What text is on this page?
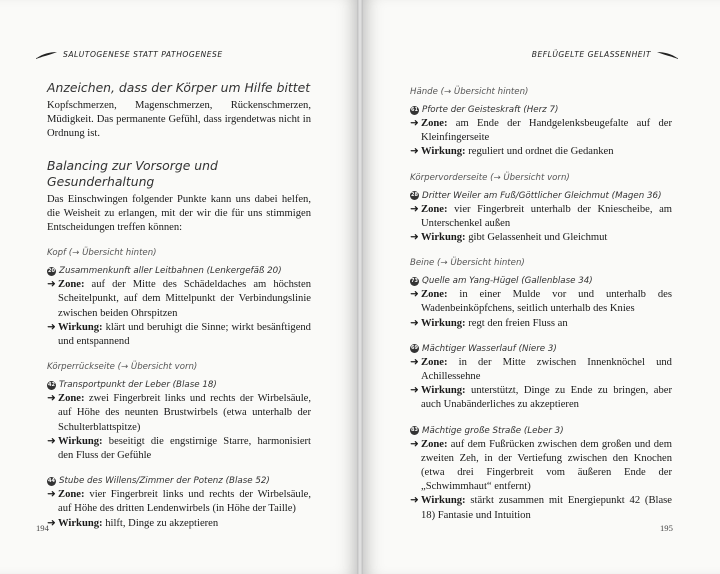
SALUTOGENESE STATT PATHOGENESE
Anzeichen, dass der Körper um Hilfe bittet

Kopfschmerzen, Magenschmerzen, Rückenschmerzen, Müdigkeit. Das permanente Gefühl, dass irgendetwas nicht in Ordnung ist.

Balancing zur Vorsorge und Gesunderhaltung

Das Einschwingen folgender Punkte kann uns dabei helfen, die Weisheit zu erlangen, mit der wir die für uns stimmigen Entscheidungen treffen können:

Kopf (→ Übersicht hinten)
20 Zusammenkunft aller Leitbahnen (Lenkergefäß 20)
➜ Zone: auf der Mitte des Schädeldaches am höchsten Scheitelpunkt, auf dem Mittelpunkt der Verbindungslinie zwischen beiden Ohrspitzen
➜ Wirkung: klärt und beruhigt die Sinne; wirkt besänftigend und entspannend
Körperrückseite (→ Übersicht vorn)
42 Transportpunkt der Leber (Blase 18)
➜ Zone: zwei Fingerbreit links und rechts der Wirbelsäule, auf Höhe des neunten Brustwirbels (etwa unterhalb der Schulterblattspitze)
➜ Wirkung: beseitigt die engstirnige Starre, harmonisiert den Fluss der Gefühle
44 Stube des Willens/Zimmer der Potenz (Blase 52)
➜ Zone: vier Fingerbreit links und rechts der Wirbelsäule, auf Höhe des dritten Lendenwirbels (in Höhe der Taille)
➜ Wirkung: hilft, Dinge zu akzeptieren
194
BEFLÜGELTE GELASSENHEIT
Hände (→ Übersicht hinten)
61 Pforte der Geisteskraft (Herz 7)
➜ Zone: am Ende der Handgelenksbeugefalte auf der Kleinfingerseite
➜ Wirkung: reguliert und ordnet die Gedanken
Körpervorderseite (→ Übersicht vorn)
28 Dritter Weiler am Fuß/Göttlicher Gleichmut (Magen 36)
➜ Zone: vier Fingerbreit unterhalb der Kniescheibe, am Unterschenkel außen
➜ Wirkung: gibt Gelassenheit und Gleichmut
Beine (→ Übersicht hinten)
73 Quelle am Yang-Hügel (Gallenblase 34)
➜ Zone: in einer Mulde vor und unterhalb des Wadenbeinköpfchens, seitlich unterhalb des Knies
➜ Wirkung: regt den freien Fluss an
69 Mächtiger Wasserlauf (Niere 3)
➜ Zone: in der Mitte zwischen Innenknöchel und Achillessehne
➜ Wirkung: unterstützt, Dinge zu Ende zu bringen, aber auch Unabänderliches zu akzeptieren
83 Mächtige große Straße (Leber 3)
➜ Zone: auf dem Fußrücken zwischen dem großen und dem zweiten Zeh, in der Vertiefung zwischen den Knochen (etwa drei Fingerbreit vom äußeren Ende der „Schwimmhaut“ entfernt)
➜ Wirkung: stärkt zusammen mit Energiepunkt 42 (Blase 18) Fantasie und Intuition
195
